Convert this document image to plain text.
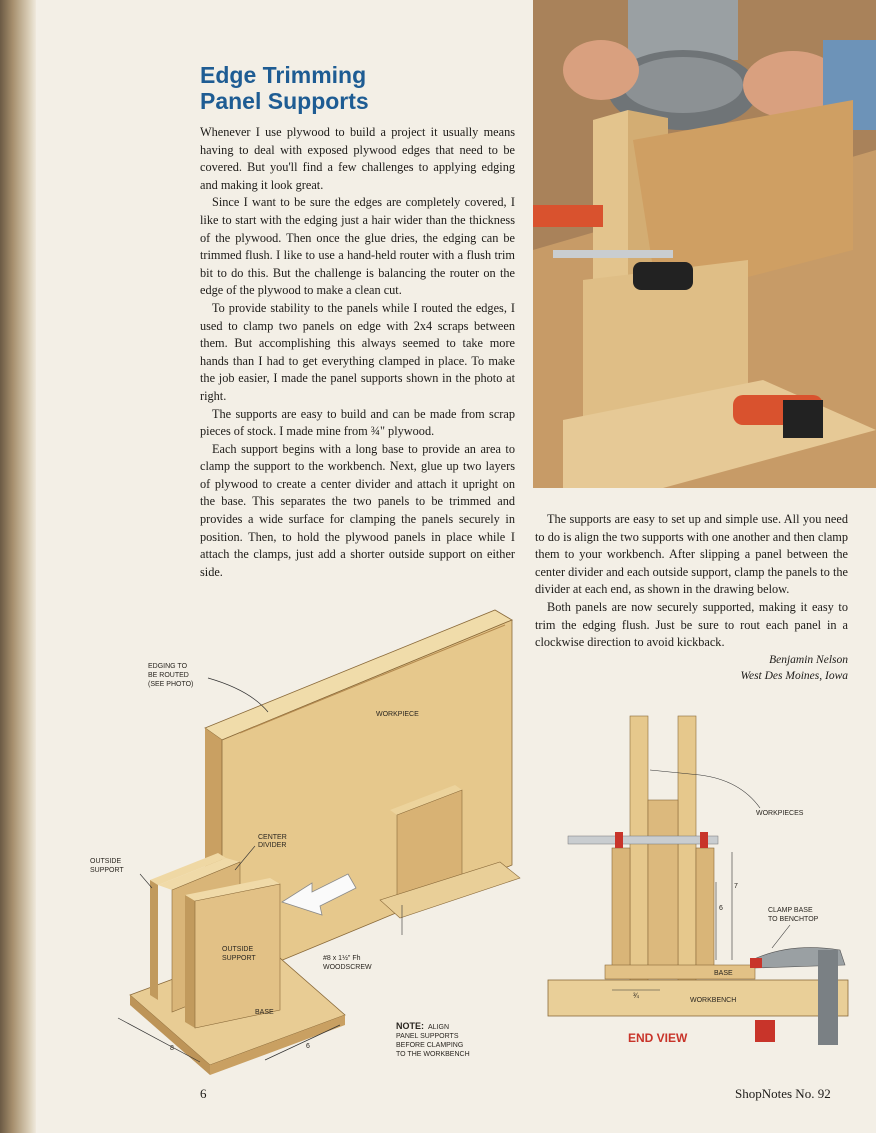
Edge Trimming
Panel Supports

Whenever I use plywood to build a project it usually means having to deal with exposed plywood edges that need to be covered. But you'll find a few challenges to applying edging and making it look great.

Since I want to be sure the edges are completely covered, I like to start with the edging just a hair wider than the thickness of the plywood. Then once the glue dries, the edging can be trimmed flush. I like to use a hand-held router with a flush trim bit to do this. But the challenge is balancing the router on the edge of the plywood to make a clean cut.

To provide stability to the panels while I routed the edges, I used to clamp two panels on edge with 2x4 scraps between them. But accomplishing this always seemed to take more hands than I had to get everything clamped in place. To make the job easier, I made the panel supports shown in the photo at right.

The supports are easy to build and can be made from scrap pieces of stock. I made mine from ¾" plywood.

Each support begins with a long base to provide an area to clamp the support to the workbench. Next, glue up two layers of plywood to create a center divider and attach it upright on the base. This separates the two panels to be trimmed and provides a wide surface for clamping the panels securely in position. Then, to hold the plywood panels in place while I attach the clamps, just add a shorter outside support on either side.

The supports are easy to set up and simple use. All you need to do is align the two supports with one another and then clamp them to your workbench. After slipping a panel between the center divider and each outside support, clamp the panels to the divider at each end, as shown in the drawing below.

Both panels are now securely supported, making it easy to trim the edging flush. Just be sure to rout each panel in a clockwise direction to avoid kickback.

Benjamin Nelson
West Des Moines, Iowa
EDGING TO
BE ROUTED
(SEE PHOTO)
WORKPIECE
CENTER
DIVIDER
OUTSIDE
SUPPORT
OUTSIDE
SUPPORT	#8 x 1½" Fh
WOODSCREW
BASE
8	6
NOTE: ALIGN
PANEL SUPPORTS
BEFORE CLAMPING
TO THE WORKBENCH
WORKPIECES
CLAMP BASE
TO BENCHTOP
BASE
WORKBENCH
7
6
¾
END VIEW
6	ShopNotes No. 92
